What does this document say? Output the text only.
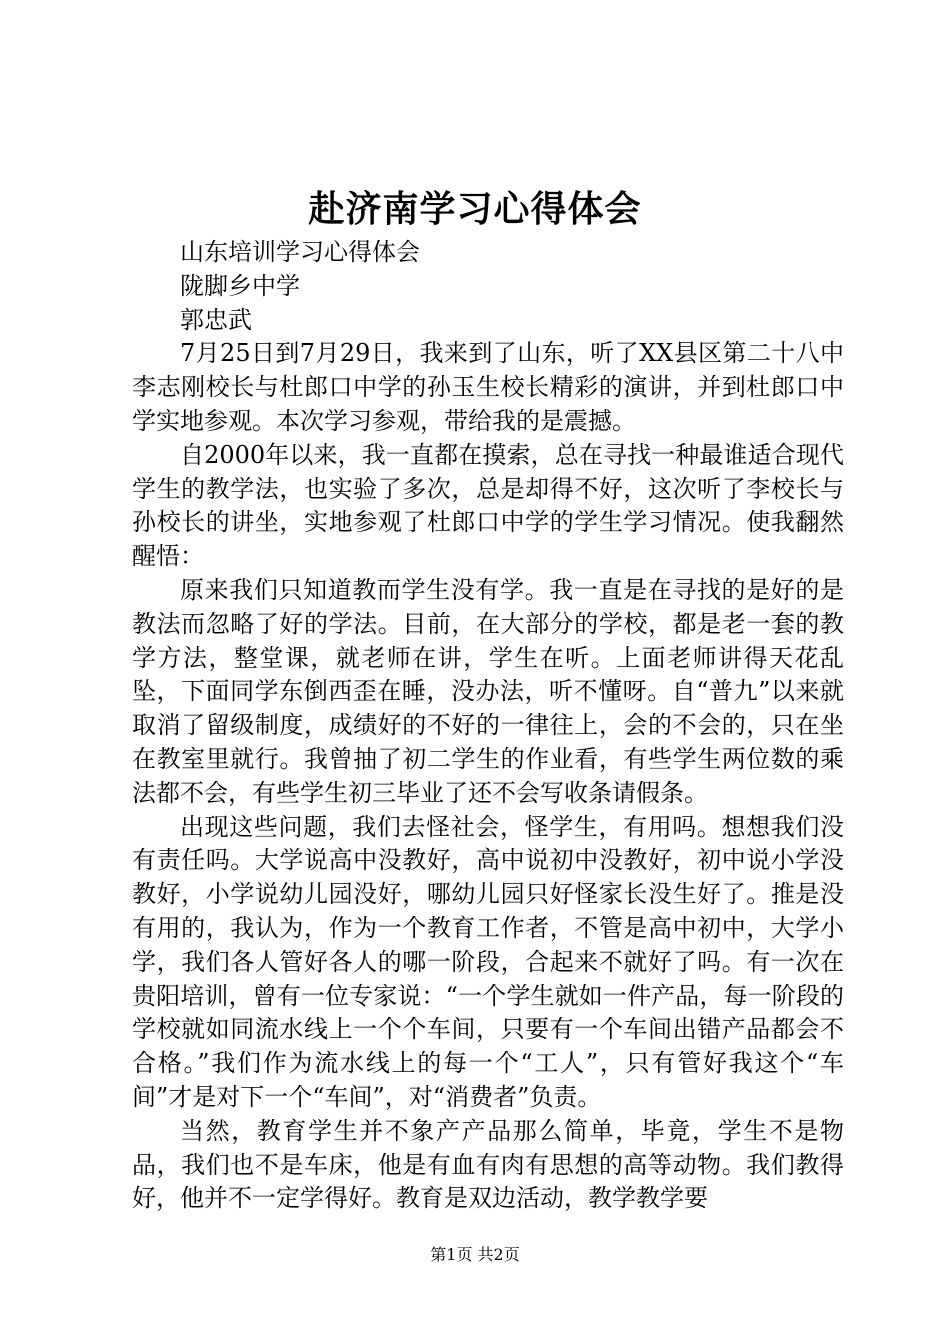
赴济南学习心得体会

山东培训学习心得体会

陇脚乡中学

郭忠武

7月25日到7月29日，我来到了山东，听了XX县区第二十八中李志刚校长与杜郎口中学的孙玉生校长精彩的演讲，并到杜郎口中学实地参观。本次学习参观，带给我的是震撼。

自2000年以来，我一直都在摸索，总在寻找一种最谁适合现代学生的教学法，也实验了多次，总是却得不好，这次听了李校长与孙校长的讲坐，实地参观了杜郎口中学的学生学习情况。使我翻然醒悟：

原来我们只知道教而学生没有学。我一直是在寻找的是好的是教法而忽略了好的学法。目前，在大部分的学校，都是老一套的教学方法，整堂课，就老师在讲，学生在听。上面老师讲得天花乱坠，下面同学东倒西歪在睡，没办法，听不懂呀。自“普九”以来就取消了留级制度，成绩好的不好的一律往上，会的不会的，只在坐在教室里就行。我曾抽了初二学生的作业看，有些学生两位数的乘法都不会，有些学生初三毕业了还不会写收条请假条。

出现这些问题，我们去怪社会，怪学生，有用吗。想想我们没有责任吗。大学说高中没教好，高中说初中没教好，初中说小学没教好，小学说幼儿园没好，哪幼儿园只好怪家长没生好了。推是没有用的，我认为，作为一个教育工作者，不管是高中初中，大学小学，我们各人管好各人的哪一阶段，合起来不就好了吗。有一次在贵阳培训，曾有一位专家说：“一个学生就如一件产品，每一阶段的学校就如同流水线上一个个车间，只要有一个车间出错产品都会不合格。”我们作为流水线上的每一个“工人”，只有管好我这个“车间”才是对下一个“车间”，对“消费者”负责。

当然，教育学生并不象产产品那么简单，毕竟，学生不是物品，我们也不是车床，他是有血有肉有思想的高等动物。我们教得好，他并不一定学得好。教育是双边活动，教学教学要

第1页 共2页
